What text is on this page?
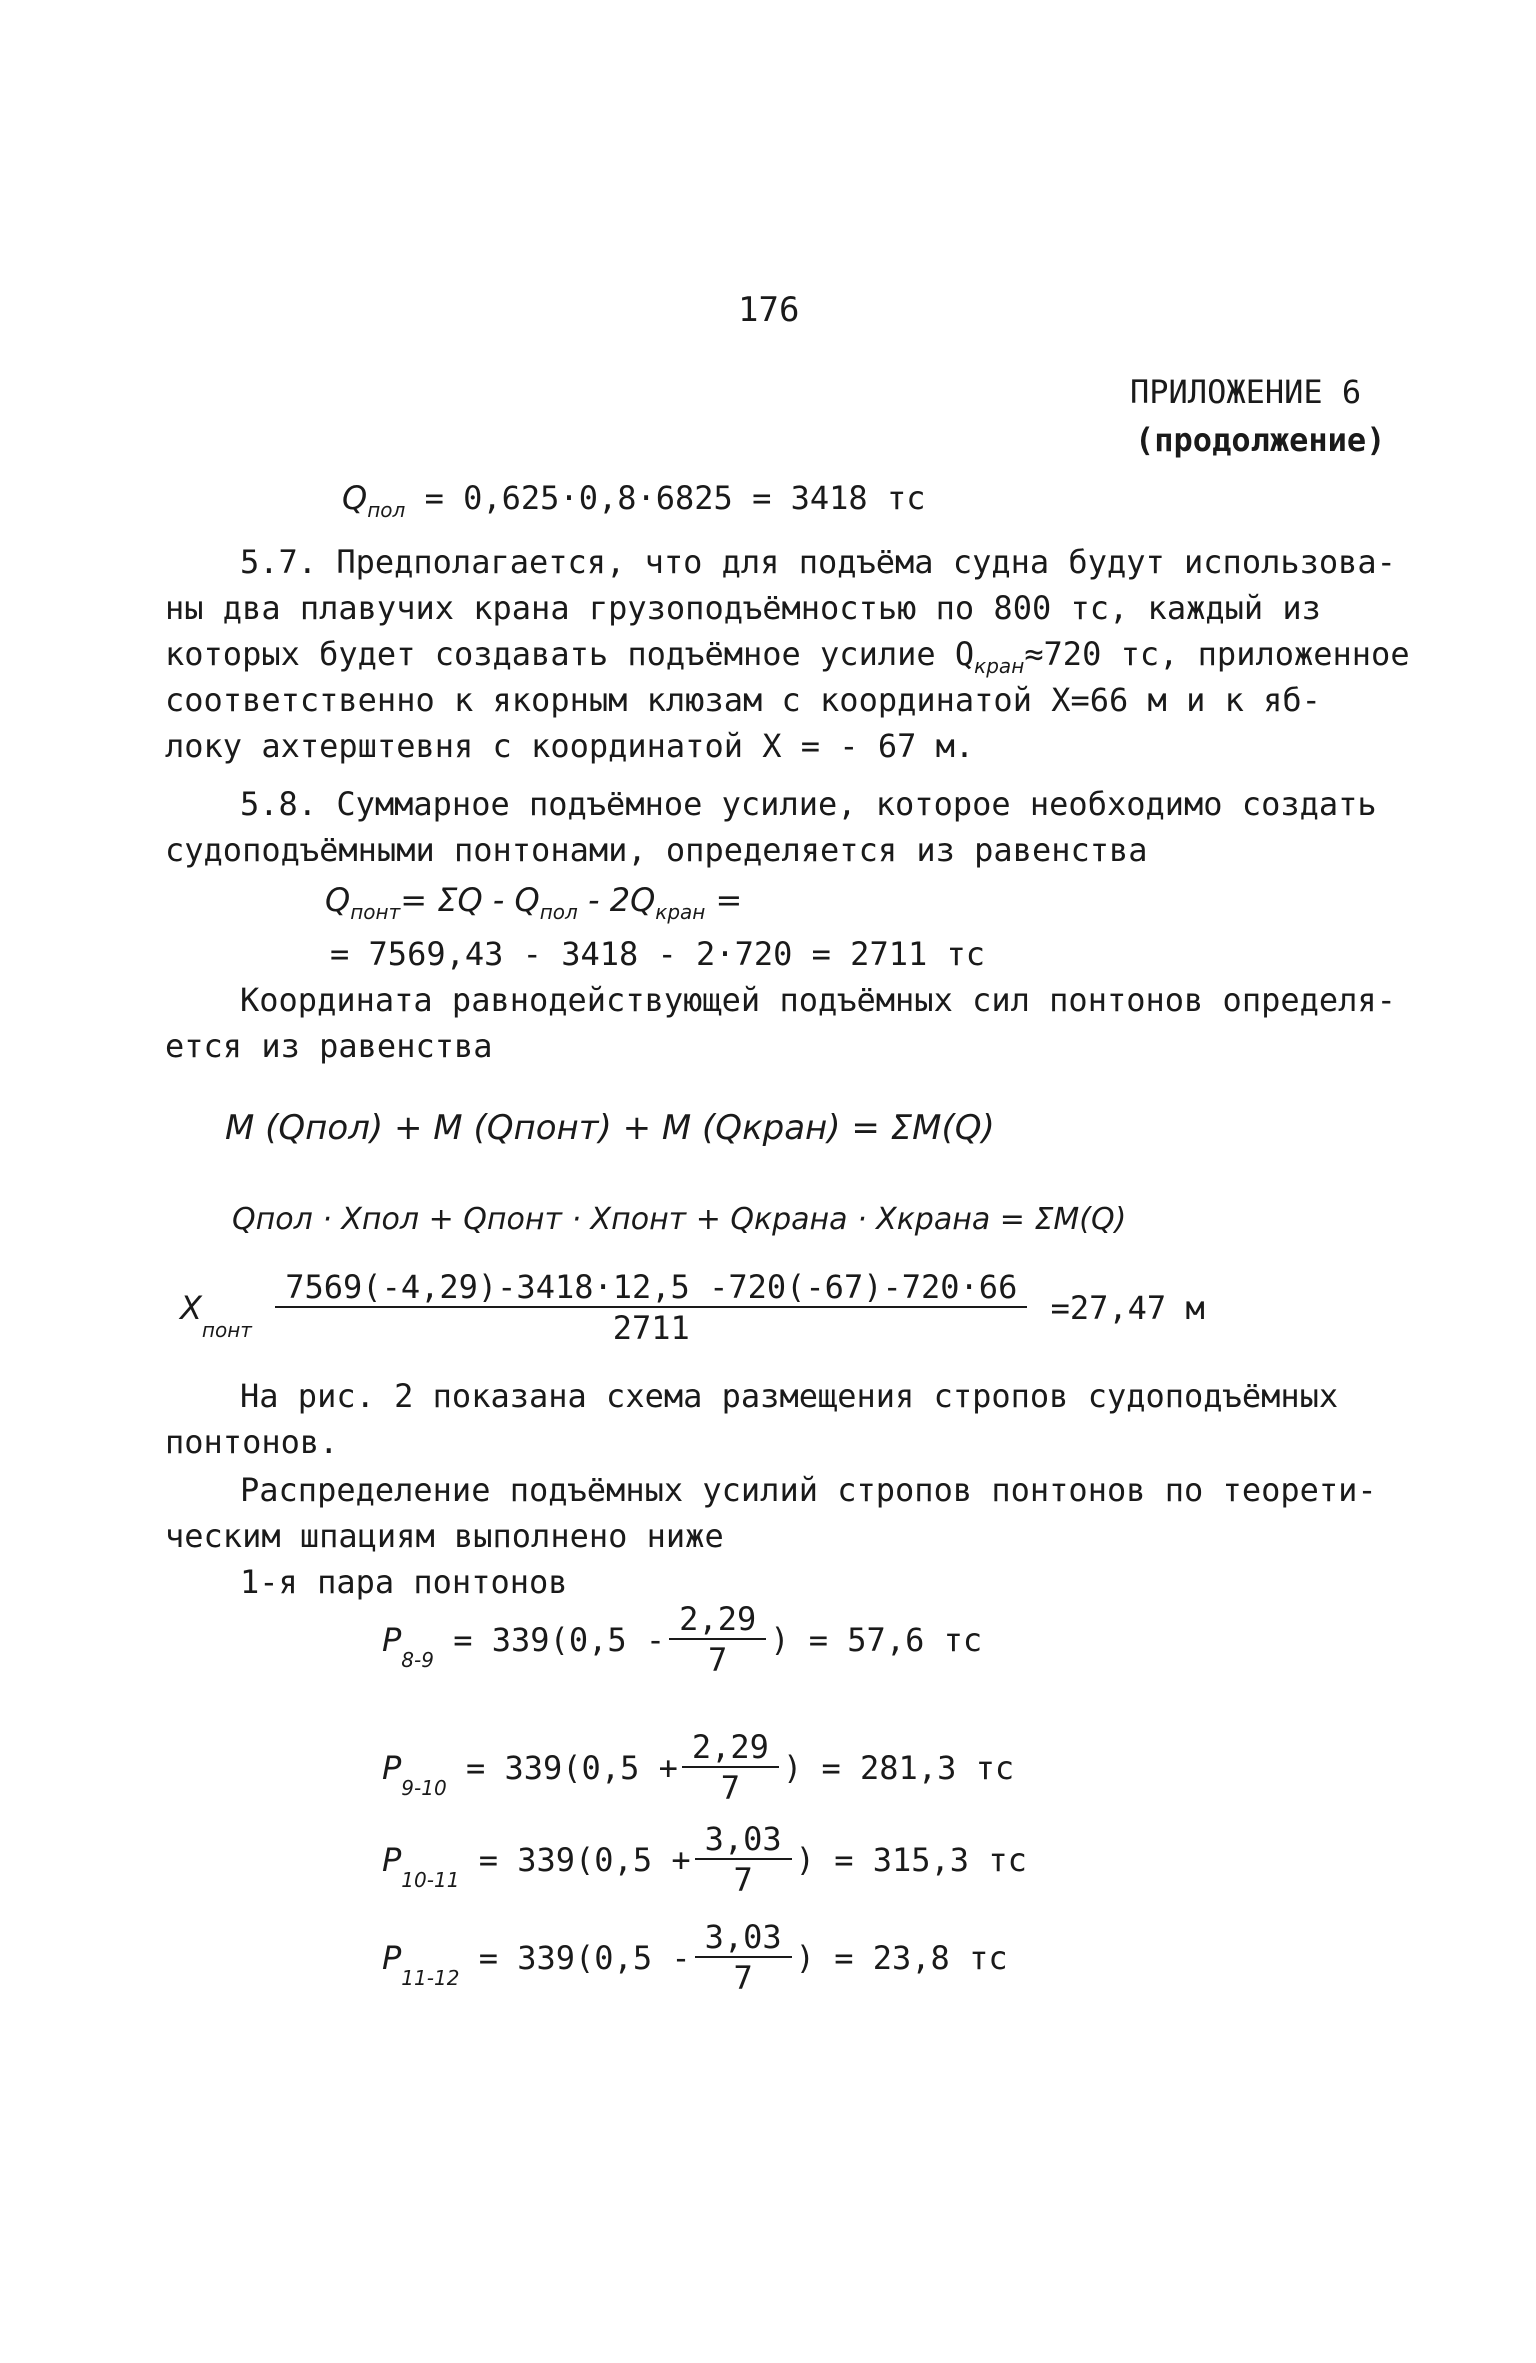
176
ПРИЛОЖЕНИЕ 6
(продолжение)
$Q_{пол} = 0,625\cdot 0,8\cdot 6825 = 3418$ тс
5.7. Предполагается, что для подъёма судна будут использова-
ны два плавучих крана грузоподъёмностью по 800 тс, каждый из
которых будет создавать подъёмное усилие $Q_{кран}\approx 720$ тс, приложенное
соответственно к якорным клюзам с координатой X=66 м и к яб-
локу ахтерштевня с координатой X = - 67 м.
5.8. Суммарное подъёмное усилие, которое необходимо создать
судоподъёмными понтонами, определяется из равенства
$Q_{понт}= \Sigma Q - Q_{пол} - 2Q_{кран}$ =
= 7569,43 - 3418 - 2·720 = 2711 тс
Координата равнодействующей подъёмных сил понтонов определя-
ется из равенства
M (Qпол) + M (Qпонт) + M (Qкран) = ΣM(Q)
Qпол · Xпол + Qпонт · Xпонт + Qкрана · Xкрана = ΣM(Q)
$X_{понт} \frac{7569(-4,29)-3418\cdot 12,5 -720(-67)-720\cdot 66}{2711} =27,47$ м
На рис. 2 показана схема размещения стропов судоподъёмных
понтонов.
Распределение подъёмных усилий стропов понтонов по теорети-
ческим шпациям выполнено ниже
1-я пара понтонов
$P_{8-9} = 339(0,5 - \frac{2,29}{7}$ ) = 57,6 тс
$P_{9-10} = 339(0,5 + \frac{2,29}{7}$ ) = 281,3 тс
$P_{10-11} = 339(0,5 + \frac{3,03}{7}$ ) = 315,3 тс
$P_{11-12} = 339(0,5 - \frac{3,03}{7}$ ) = 23,8 тс
